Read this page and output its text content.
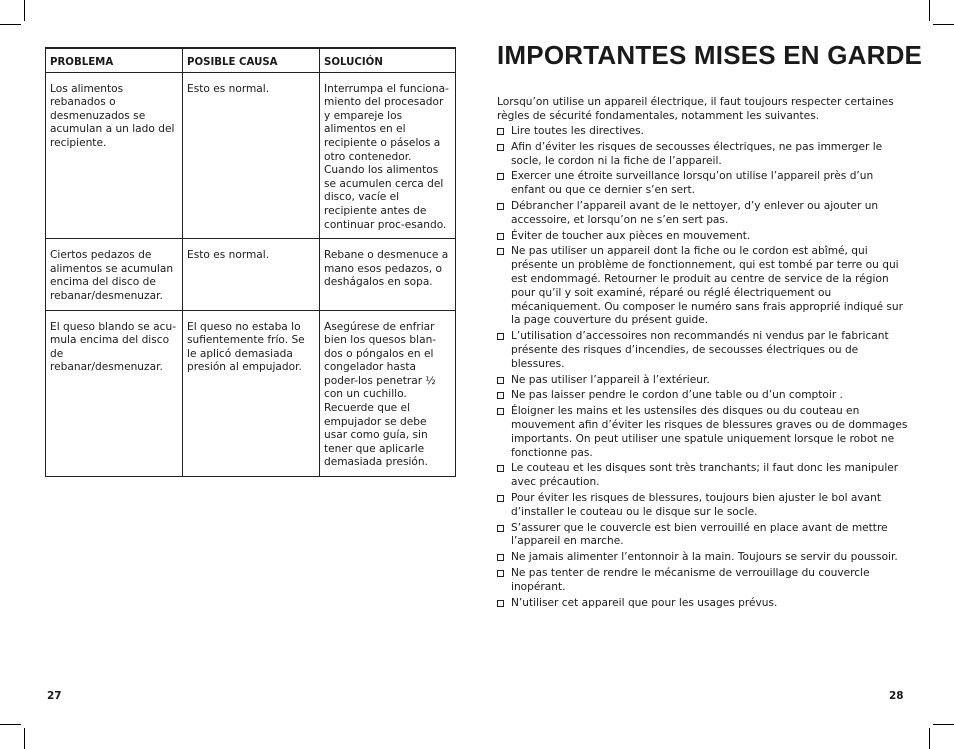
PROBLEMA	POSIBLE CAUSA	SOLUCIÓN
Los alimentos rebanados o desmenuzados se acumulan a un lado del recipiente.	Esto es normal.	Interrumpa el funciona-miento del procesador y empareje los alimentos en el recipiente o páselos a otro contenedor. Cuando los alimentos se acumulen cerca del disco, vacíe el recipiente antes de continuar proc-esando.
Ciertos pedazos de alimentos se acumulan encima del disco de rebanar/desmenuzar.	Esto es normal.	Rebane o desmenuce a mano esos pedazos, o deshágalos en sopa.
El queso blando se acu-mula encima del disco de rebanar/desmenuzar.	El queso no estaba lo sufientemente frío. Se le aplicó demasiada presión al empujador.	Asegúrese de enfriar bien los quesos blan-dos o póngalos en el congelador hasta poder-los penetrar ½ con un cuchillo. Recuerde que el empujador se debe usar como guía, sin tener que aplicarle demasiada presión.
27
IMPORTANTES MISES EN GARDE

Lorsqu’on utilise un appareil électrique, il faut toujours respecter certaines règles de sécurité fondamentales, notamment les suivantes.

Lire toutes les directives.
Afin d’éviter les risques de secousses électriques, ne pas immerger le socle, le cordon ni la fiche de l’appareil.
Exercer une étroite surveillance lorsqu’on utilise l’appareil près d’un enfant ou que ce dernier s’en sert.
Débrancher l’appareil avant de le nettoyer, d’y enlever ou ajouter un accessoire, et lorsqu’on ne s’en sert pas.
Éviter de toucher aux pièces en mouvement.
Ne pas utiliser un appareil dont la fiche ou le cordon est abîmé, qui présente un problème de fonctionnement, qui est tombé par terre ou qui est endommagé. Retourner le produit au centre de service de la région pour qu’il y soit examiné, réparé ou réglé électriquement ou mécaniquement. Ou composer le numéro sans frais approprié indiqué sur la page couverture du présent guide.
L’utilisation d’accessoires non recommandés ni vendus par le fabricant présente des risques d’incendies, de secousses électriques ou de blessures.
Ne pas utiliser l’appareil à l’extérieur.
Ne pas laisser pendre le cordon d’une table ou d’un comptoir .
Éloigner les mains et les ustensiles des disques ou du couteau en mouvement afin d’éviter les risques de blessures graves ou de dommages importants. On peut utiliser une spatule uniquement lorsque le robot ne fonctionne pas.
Le couteau et les disques sont très tranchants; il faut donc les manipuler avec précaution.
Pour éviter les risques de blessures, toujours bien ajuster le bol avant d’installer le couteau ou le disque sur le socle.
S’assurer que le couvercle est bien verrouillé en place avant de mettre l’appareil en marche.
Ne jamais alimenter l’entonnoir à la main. Toujours se servir du poussoir.
Ne pas tenter de rendre le mécanisme de verrouillage du couvercle inopérant.
N’utiliser cet appareil que pour les usages prévus.
28
